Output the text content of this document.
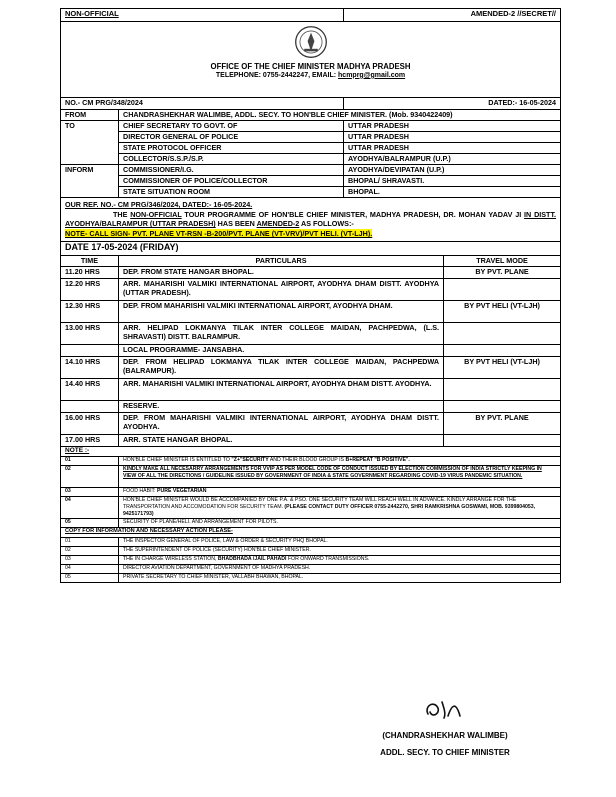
NON-OFFICIAL		AMENDED-2 //SECRET//	

OFFICE OF THE CHIEF MINISTER MADHYA PRADESH
TELEPHONE: 0755-2442247, EMAIL: hcmprg@gmail.com			

NO.- CM PRG/348/2024		DATED:- 16-05-2024	
FROM	CHANDRASHEKHAR WALIMBE, ADDL. SECY. TO HON'BLE CHIEF MINISTER. (Mob. 9340422409)		
TO	CHIEF SECRETARY TO GOVT. OF	UTTAR PRADESH	
	DIRECTOR GENERAL OF POLICE	UTTAR PRADESH	
	STATE PROTOCOL OFFICER	UTTAR PRADESH	
	COLLECTOR/S.S.P./S.P.	AYODHYA/BALRAMPUR (U.P.)	
INFORM	COMMISSIONER/I.G.	AYODHYA/DEVIPATAN (U.P.)	
	COMMISSIONER OF POLICE/COLLECTOR	BHOPAL/ SHRAVASTI.	
	STATE SITUATION ROOM	BHOPAL.	

OUR REF. NO.- CM PRG/346/2024, DATED:- 16-05-2024.
THE NON-OFFICIAL TOUR PROGRAMME OF HON'BLE CHIEF MINISTER, MADHYA PRADESH, DR. MOHAN YADAV JI IN DISTT. AYODHYA/BALRAMPUR (UTTAR PRADESH) HAS BEEN AMENDED-2 AS FOLLOWS:-
NOTE- CALL SIGN- PVT. PLANE VT-RSN -B-200/PVT. PLANE (VT-VRV)/PVT HELI. (VT-LJH).			

DATE 17-05-2024 (FRIDAY)			
TIME	PARTICULARS		TRAVEL MODE
11.20 HRS	DEP. FROM STATE HANGAR BHOPAL.		BY PVT. PLANE
12.20 HRS	ARR. MAHARISHI VALMIKI INTERNATIONAL AIRPORT, AYODHYA DHAM DISTT. AYODHYA (UTTAR PRADESH).		
12.30 HRS	DEP. FROM MAHARISHI VALMIKI INTERNATIONAL AIRPORT, AYODHYA DHAM.		BY PVT HELI (VT-LJH)
13.00 HRS	ARR. HELIPAD LOKMANYA TILAK INTER COLLEGE MAIDAN, PACHPEDWA, (L.S. SHRAVASTI) DISTT. BALRAMPUR.		
	LOCAL PROGRAMME- JANSABHA.		
14.10 HRS	DEP. FROM HELIPAD LOKMANYA TILAK INTER COLLEGE MAIDAN, PACHPEDWA (BALRAMPUR).		BY PVT HELI (VT-LJH)
14.40 HRS	ARR. MAHARISHI VALMIKI INTERNATIONAL AIRPORT, AYODHYA DHAM DISTT. AYODHYA.		
	RESERVE.		
16.00 HRS	DEP. FROM MAHARISHI VALMIKI INTERNATIONAL AIRPORT, AYODHYA DHAM DISTT. AYODHYA.		BY PVT. PLANE
17.00 HRS	ARR. STATE HANGAR BHOPAL.		
NOTE :-			
01	HON'BLE CHIEF MINISTER IS ENTITLED TO "Z+"SECURITY AND THEIR BLOOD GROUP IS B+REPEAT "B POSITIVE".		
02	KINDLY MAKE ALL NECESARRY ARRANGEMENTS FOR VVIP AS PER MODEL CODE OF CONDUCT ISSUED BY ELECTION COMMISSION OF INDIA STRICTLY KEEPING IN VIEW OF ALL THE DIRECTIONS / GUIDELINE ISSUED BY GOVERNMENT OF INDIA & STATE GOVERNMENT REGARDING COVID-19 VIRUS PANDEMIC SITUATION.		
03	FOOD HABIT: PURE VEGETARIAN		
04	HON'BLE CHIEF MINISTER WOULD BE ACCOMPANIED BY ONE P.A. & PSO. ONE SECURITY TEAM WILL REACH WELL IN ADVANCE. KINDLY ARRANGE FOR THE TRANSPORTATION AND ACCOMODATION FOR SECURITY TEAM. (PLEASE CONTACT DUTY OFFICER 0755-2442270, SHRI RAMKRISHNA GOSWAMI, MOB. 9399804053, 9425171793)		
05	SECURITY OF PLANE/HELI. AND ARRANGEMENT FOR PILOTS.		
COPY FOR INFORMATION AND NECESSARY ACTION PLEASE-			
01	THE INSPECTOR GENERAL OF POLICE, LAW & ORDER & SECURITY PHQ BHOPAL.		
02	THE SUPERINTENDENT OF POLICE (SECURITY) HON'BLE CHIEF MINISTER.		
03	THE IN CHARGE WIRELESS STATION, BHADBHADA /JAIL PAHADI FOR ONWARD TRANSMISSIONS.		
04	DIRECTOR AVIATION DEPARTMENT, GOVERNMENT OF MADHYA PRADESH.		
05	PRIVATE SECRETARY TO CHIEF MINISTER, VALLABH BHAWAN, BHOPAL.		
(CHANDRASHEKHAR WALIMBE)
ADDL. SECY. TO CHIEF MINISTER
